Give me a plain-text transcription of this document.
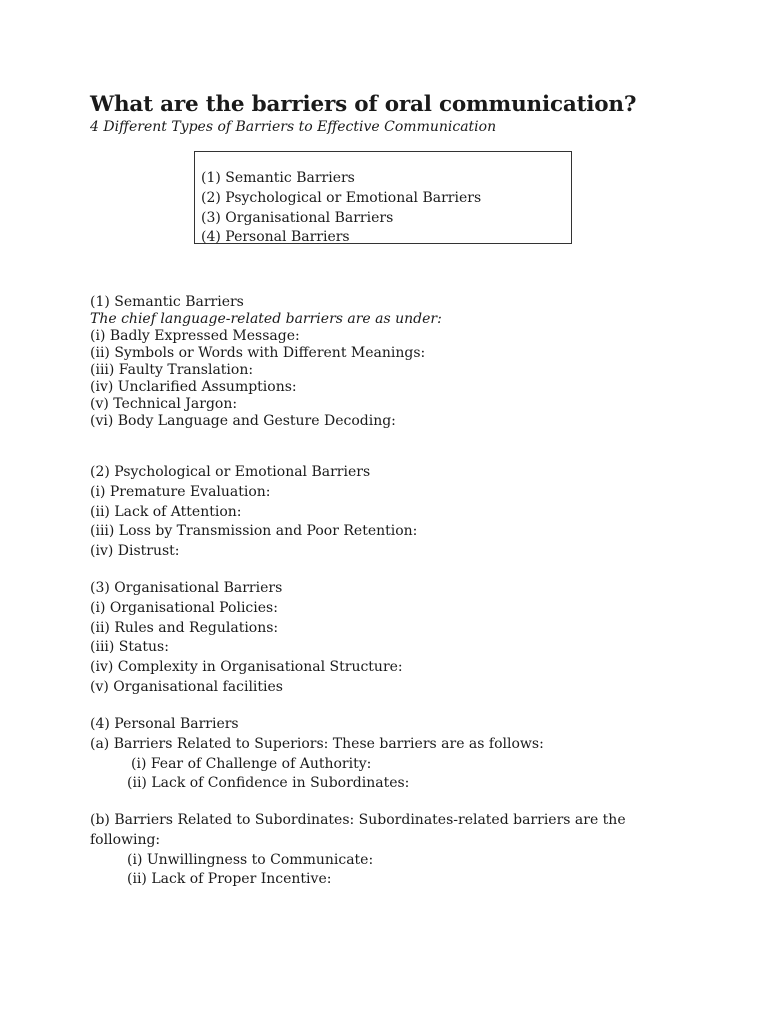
What are the barriers of oral communication?
4 Different Types of Barriers to Effective Communication
(1) Semantic Barriers
(2) Psychological or Emotional Barriers
(3) Organisational Barriers
(4) Personal Barriers
(1) Semantic Barriers
The chief language-related barriers are as under:
(i) Badly Expressed Message:
(ii) Symbols or Words with Different Meanings:
(iii) Faulty Translation:
(iv) Unclarified Assumptions:
(v) Technical Jargon:
(vi) Body Language and Gesture Decoding:
(2) Psychological or Emotional Barriers
(i) Premature Evaluation:
(ii) Lack of Attention:
(iii) Loss by Transmission and Poor Retention:
(iv) Distrust:
(3) Organisational Barriers
(i) Organisational Policies:
(ii) Rules and Regulations:
(iii) Status:
(iv) Complexity in Organisational Structure:
(v) Organisational facilities
(4) Personal Barriers
(a) Barriers Related to Superiors: These barriers are as follows:
(i) Fear of Challenge of Authority:
(ii) Lack of Confidence in Subordinates:
(b) Barriers Related to Subordinates: Subordinates-related barriers are the following:
(i) Unwillingness to Communicate:
(ii) Lack of Proper Incentive:
